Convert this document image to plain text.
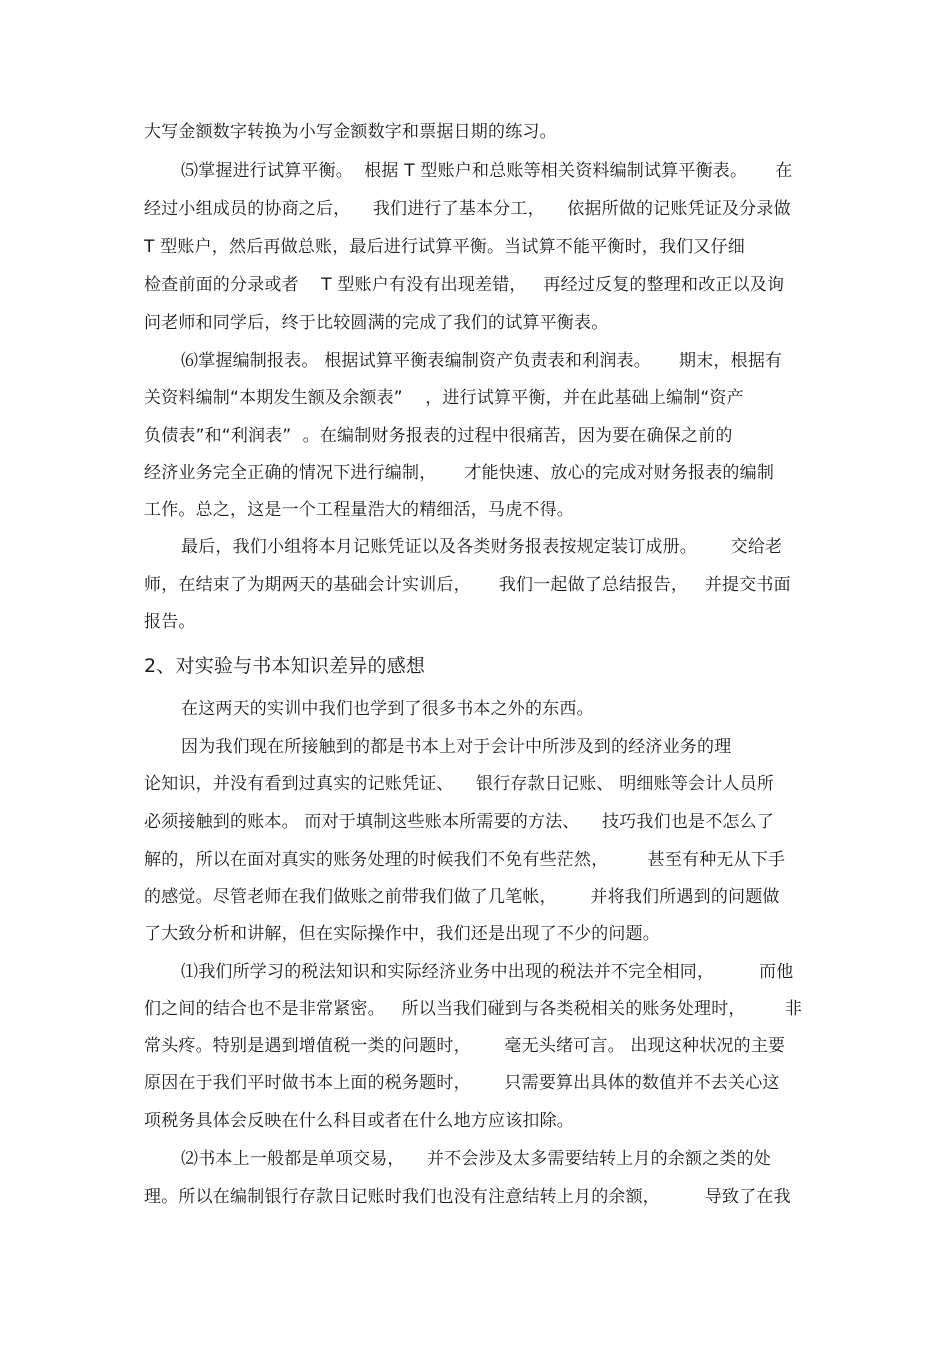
大写金额数字转换为小写金额数字和票据日期的练习。
⑸掌握进行试算平衡。  根据 T 型账户和总账等相关资料编制试算平衡表。     在
经过小组成员的协商之后，    我们进行了基本分工，    依据所做的记账凭证及分录做
T 型账户，然后再做总账，最后进行试算平衡。当试算不能平衡时，我们又仔细
检查前面的分录或者    T 型账户有没有出现差错，   再经过反复的整理和改正以及询
问老师和同学后，终于比较圆满的完成了我们的试算平衡表。
⑹掌握编制报表。 根据试算平衡表编制资产负责表和利润表。     期末，根据有
关资料编制“本期发生额及余额表”    ，进行试算平衡，并在此基础上编制“资产
负债表”和“利润表”  。在编制财务报表的过程中很痛苦，因为要在确保之前的
经济业务完全正确的情况下进行编制，     才能快速、放心的完成对财务报表的编制
工作。总之，这是一个工程量浩大的精细活，马虎不得。
最后，我们小组将本月记账凭证以及各类财务报表按规定装订成册。      交给老
师，在结束了为期两天的基础会计实训后，     我们一起做了总结报告，   并提交书面
报告。
2、对实验与书本知识差异的感想
在这两天的实训中我们也学到了很多书本之外的东西。
因为我们现在所接触到的都是书本上对于会计中所涉及到的经济业务的理
论知识，并没有看到过真实的记账凭证、    银行存款日记账、 明细账等会计人员所
必须接触到的账本。 而对于填制这些账本所需要的方法、    技巧我们也是不怎么了
解的，所以在面对真实的账务处理的时候我们不免有些茫然，       甚至有种无从下手
的感觉。尽管老师在我们做账之前带我们做了几笔帐，      并将我们所遇到的问题做
了大致分析和讲解，但在实际操作中，我们还是出现了不少的问题。
⑴我们所学习的税法知识和实际经济业务中出现的税法并不完全相同，        而他
们之间的结合也不是非常紧密。   所以当我们碰到与各类税相关的账务处理时，       非
常头疼。特别是遇到增值税一类的问题时，      毫无头绪可言。 出现这种状况的主要
原因在于我们平时做书本上面的税务题时，      只需要算出具体的数值并不去关心这
项税务具体会反映在什么科目或者在什么地方应该扣除。
⑵书本上一般都是单项交易，    并不会涉及太多需要结转上月的余额之类的处
理。所以在编制银行存款日记账时我们也没有注意结转上月的余额，        导致了在我
